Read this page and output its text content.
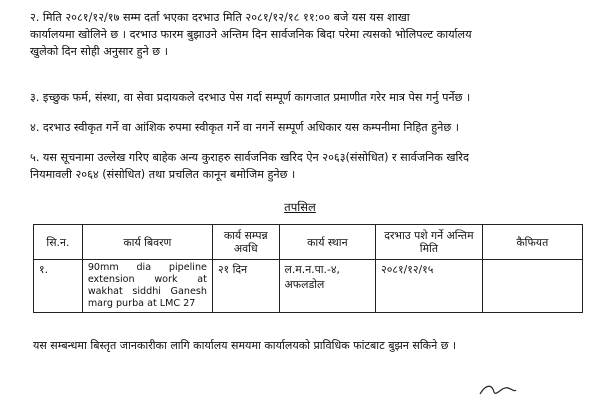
२. मिति २०८१/१२/१७ सम्म दर्ता भएका दरभाउ मिति २०८१/१२/१८ ११:०० बजे यस यस शाखा
कार्यालयमा खोलिने छ । दरभाउ फारम बुझाउने अन्तिम दिन सार्वजनिक बिदा परेमा त्यसको भोलिपल्ट कार्यालय
खुलेको दिन सोही अनुसार हुने छ ।
३. इच्छुक फर्म, संस्था, वा सेवा प्रदायकले दरभाउ पेस गर्दा सम्पूर्ण कागजात प्रमाणीत गरेर मात्र पेस गर्नु पर्नेछ ।
४. दरभाउ स्वीकृत गर्ने वा आंशिक रुपमा स्वीकृत गर्ने वा नगर्ने सम्पूर्ण अधिकार यस कम्पनीमा निहित हुनेछ ।
५. यस सूचनामा उल्लेख गरिए बाहेक अन्य कुराहरु सार्वजनिक खरिद ऐन २०६३(संसोधित) र सार्वजनिक खरिद
नियमावली २०६४ (संसोधित) तथा प्रचलित कानून बमोजिम हुनेछ ।
तपसिल
सि.न.	कार्य बिवरण	कार्य सम्पन्न अवधि	कार्य स्थान	दरभाउ पशे गर्ने अन्तिम मिति	कैफियत
१.	90mm dia pipeline extension work at wakhat siddhi Ganesh marg purba at LMC 27	२१ दिन	ल.म.न.पा.-४, अफलडोल	२०८१/१२/१५	
यस सम्बन्धमा बिस्तृत जानकारीका लागि कार्यालय समयमा कार्यालयको प्राविधिक फांटबाट बुझन सकिने छ ।
